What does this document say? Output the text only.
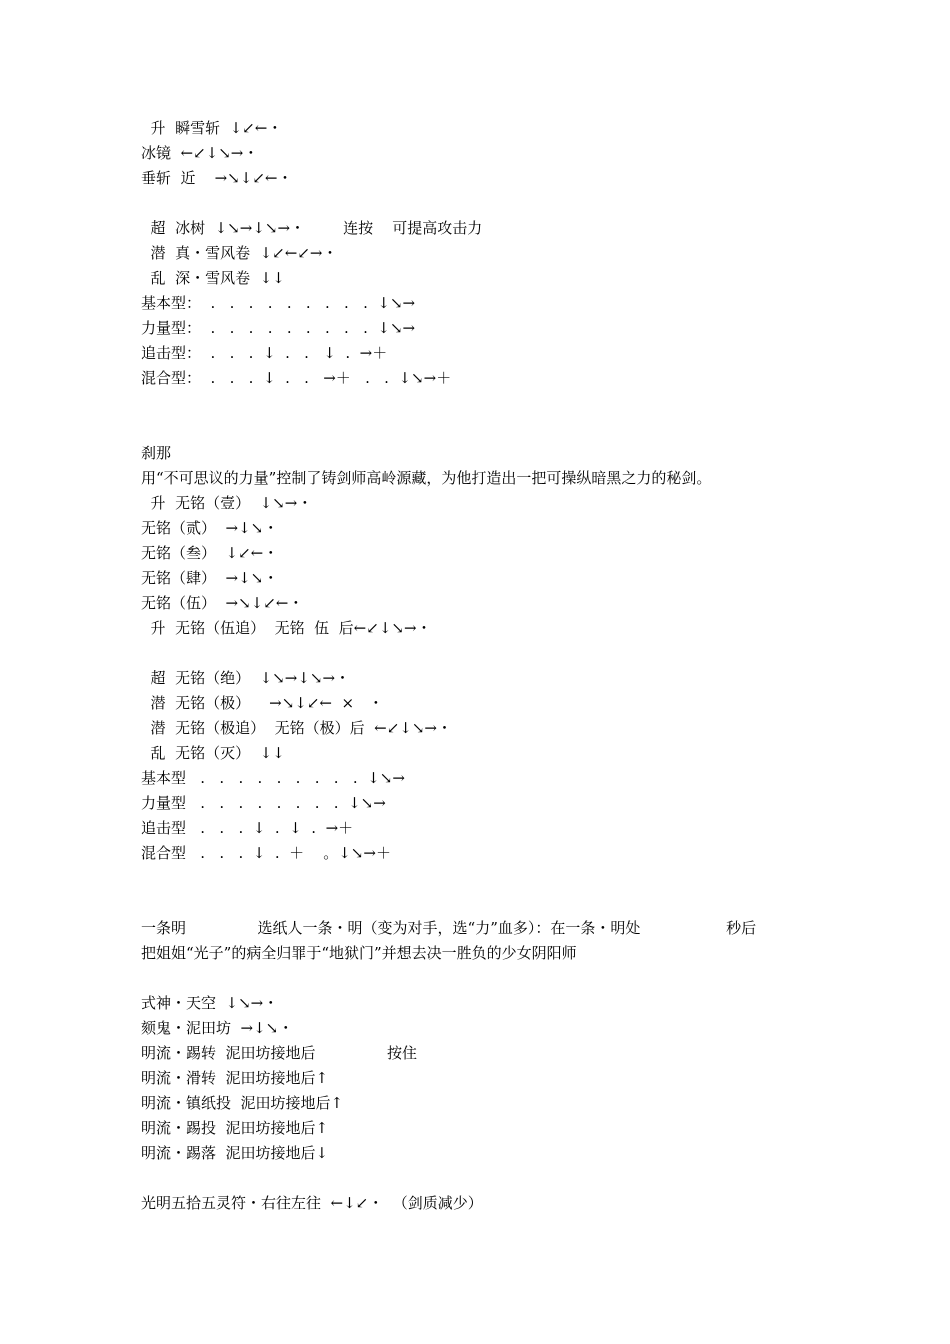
升  瞬雪斩  ↓↙←・
冰镜  ←↙↓↘→・
垂斩  近    →↘↓↙←・
超  冰树  ↓↘→↓↘→・        连按    可提高攻击力
潜  真・雪风卷  ↓↙←↙→・
乱  深・雪风卷  ↓↓
基本型：  .   .   .   .   .   .   .   .   .  ↓↘→
力量型：  .   .   .   .   .   .   .   .   .  ↓↘→
追击型：  .   .   .  ↓  .   .   ↓  .  →＋
混合型：  .   .   .  ↓  .   .   →＋   .   .  ↓↘→＋
刹那
用“不可思议的力量”控制了铸剑师高岭源藏，为他打造出一把可操纵暗黑之力的秘剑。
升  无铭（壹）  ↓↘→・
无铭（贰）  →↓↘・
无铭（叁）  ↓↙←・
无铭（肆）  →↓↘・
无铭（伍）  →↘↓↙←・
升  无铭（伍追）  无铭  伍  后←↙↓↘→・
超  无铭（绝）  ↓↘→↓↘→・
潜  无铭（极）    →↘↓↙←  ×   ・
潜  无铭（极追）  无铭（极）后  ←↙↓↘→・
乱  无铭（灭）  ↓↓
基本型   .   .   .   .   .   .   .   .   .  ↓↘→
力量型   .   .   .   .   .   .   .   .  ↓↘→
追击型   .   .   .  ↓  .  ↓  .  →＋
混合型   .   .   .  ↓  .  ＋    。↓↘→＋
一条明               选纸人一条・明（变为对手，选“力”血多）：在一条・明处                  秒后
把姐姐“光子”的病全归罪于“地狱门”并想去决一胜负的少女阴阳师
式神・天空  ↓↘→・
颏鬼・泥田坊  →↓↘・
明流・踢转  泥田坊接地后               按住
明流・滑转  泥田坊接地后↑
明流・镇纸投  泥田坊接地后↑
明流・踢投  泥田坊接地后↑
明流・踢落  泥田坊接地后↓
光明五拾五灵符・右往左往  ←↓↙・  （剑质减少）
